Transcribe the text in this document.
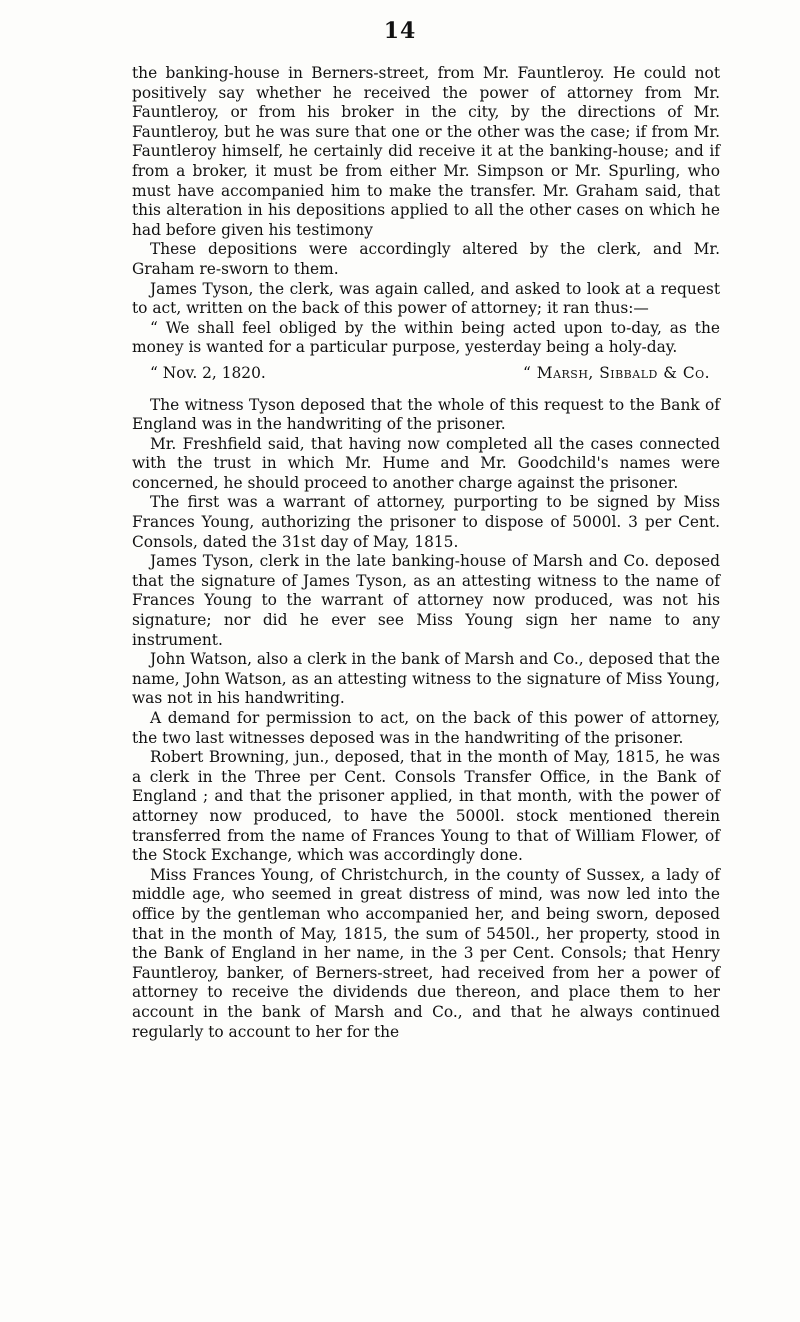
14

the banking-house in Berners-street, from Mr. Fauntleroy. He could not positively say whether he received the power of attorney from Mr. Fauntleroy, or from his broker in the city, by the directions of Mr. Fauntleroy, but he was sure that one or the other was the case; if from Mr. Fauntleroy himself, he certainly did receive it at the banking-house; and if from a broker, it must be from either Mr. Simpson or Mr. Spurling, who must have accompanied him to make the transfer. Mr. Graham said, that this alteration in his depositions applied to all the other cases on which he had before given his testimony

These depositions were accordingly altered by the clerk, and Mr. Graham re-sworn to them.

James Tyson, the clerk, was again called, and asked to look at a request to act, written on the back of this power of attorney; it ran thus:—

“ We shall feel obliged by the within being acted upon to-day, as the money is wanted for a particular purpose, yesterday being a holy-day.

“ Nov. 2, 1820.	“ Marsh, Sibbald & Co.

The witness Tyson deposed that the whole of this request to the Bank of England was in the handwriting of the prisoner.

Mr. Freshfield said, that having now completed all the cases connected with the trust in which Mr. Hume and Mr. Goodchild's names were concerned, he should proceed to another charge against the prisoner.

The first was a warrant of attorney, purporting to be signed by Miss Frances Young, authorizing the prisoner to dispose of 5000l. 3 per Cent. Consols, dated the 31st day of May, 1815.

James Tyson, clerk in the late banking-house of Marsh and Co. deposed that the signature of James Tyson, as an attesting witness to the name of Frances Young to the warrant of attorney now produced, was not his signature; nor did he ever see Miss Young sign her name to any instrument.

John Watson, also a clerk in the bank of Marsh and Co., deposed that the name, John Watson, as an attesting witness to the signature of Miss Young, was not in his handwriting.

A demand for permission to act, on the back of this power of attorney, the two last witnesses deposed was in the handwriting of the prisoner.

Robert Browning, jun., deposed, that in the month of May, 1815, he was a clerk in the Three per Cent. Consols Transfer Office, in the Bank of England ; and that the prisoner applied, in that month, with the power of attorney now produced, to have the 5000l. stock mentioned therein transferred from the name of Frances Young to that of William Flower, of the Stock Exchange, which was accordingly done.

Miss Frances Young, of Christchurch, in the county of Sussex, a lady of middle age, who seemed in great distress of mind, was now led into the office by the gentleman who accompanied her, and being sworn, deposed that in the month of May, 1815, the sum of 5450l., her property, stood in the Bank of England in her name, in the 3 per Cent. Consols; that Henry Fauntleroy, banker, of Berners-street, had received from her a power of attorney to receive the dividends due thereon, and place them to her account in the bank of Marsh and Co., and that he always continued regularly to account to her for the
